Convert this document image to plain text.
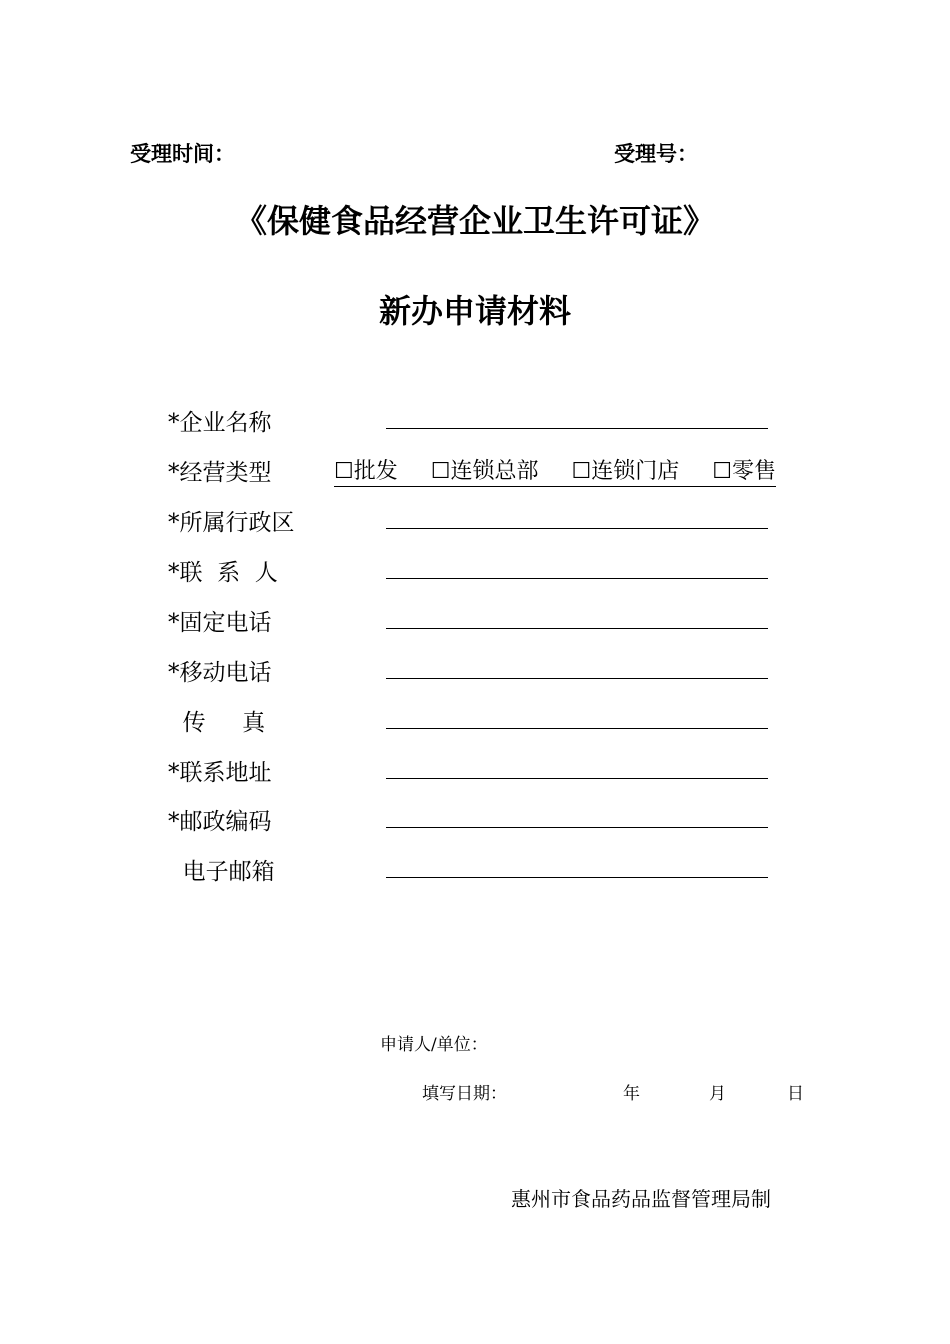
受理时间：	受理号：
《保健食品经营企业卫生许可证》
新办申请材料
*企业名称
*经营类型	☐批发 ☐连锁总部 ☐连锁门店 ☐零售
*所属行政区
*联  系  人
*固定电话
*移动电话
传     真
*联系地址
*邮政编码
电子邮箱
申请人/单位：
填写日期：	年	月	日
惠州市食品药品监督管理局制
